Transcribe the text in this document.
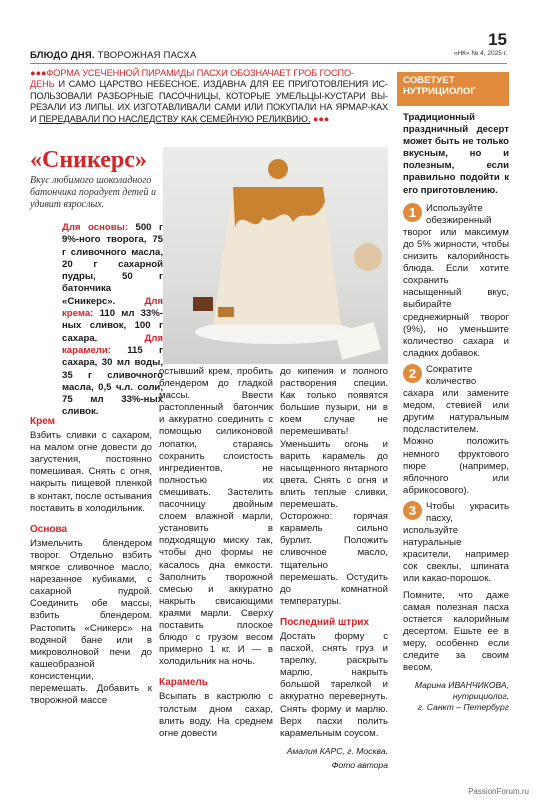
БЛЮДО ДНЯ. ТВОРОЖНАЯ ПАСХА
15
«НК» № 4, 2025 г.
●●●ФОРМА УСЕЧЕННОЙ ПИРАМИДЫ ПАСХИ ОБОЗНАЧАЕТ ГРОБ ГОСПО-
ДЕНЬ И САМО ЦАРСТВО НЕБЕСНОЕ. ИЗДАВНА ДЛЯ ЕЕ ПРИГОТОВЛЕНИЯ ИС-ПОЛЬЗОВАЛИ РАЗБОРНЫЕ ПАСОЧНИЦЫ, КОТОРЫЕ УМЕЛЬЦЫ-КУСТАРИ ВЫ-РЕЗАЛИ ИЗ ЛИПЫ. ИХ ИЗГОТАВЛИВАЛИ САМИ ИЛИ ПОКУПАЛИ НА ЯРМАР-КАХ И ПЕРЕДАВАЛИ ПО НАСЛЕДСТВУ КАК СЕМЕЙНУЮ РЕЛИКВИЮ. ●●●
«Сникерс»
Вкус любимого шоколадного батончика порадует детей и удивит взрослых.
Для основы: 500 г 9%-ного творога, 75 г сливочного масла, 20 г сахарной пудры, 50 г батончика «Сникерс».	Для крема: 110 мл 33%-ных сливок, 100 г сахара.	Для карамели: 115 г сахара, 30 мл воды, 35 г сливочного масла, 0,5 ч.л. соли, 75 мл 33%-ных сливок.
Крем

Взбить сливки с сахаром, на малом огне довести до загустения, постоянно помешивая. Снять с огня, накрыть пищевой пленкой в контакт, после остывания поставить в холодильник.

Основа

Измельчить блендером творог. Отдельно взбить мягкое сливочное масло, нарезанное кубиками, с сахарной пудрой. Соединить обе массы, взбить блендером. Растопить «Сникерс» на водяной бане или в микроволновой печи до кашеобразной консистенции, перемешать. Добавить к творожной массе

остывший крем, пробить блендером до гладкой массы. Ввести растопленный батончик и аккуратно соединить с помощью силиконовой лопатки, стараясь сохранить слоистость ингредиентов, не полностью их смешивать. Застелить пасочницу двойным слоем влажной марли, установить в подходящую миску так, чтобы дно формы не касалось дна емкости. Заполнить творожной смесью и аккуратно накрыть свисающими краями марли. Сверху поставить плоское блюдо с грузом весом примерно 1 кг. И — в холодильник на ночь.

Карамель

Всыпать в кастрюлю с толстым дном сахар, влить воду. На среднем огне довести

до кипения и полного растворения специи. Как только появятся большие пузыри, ни в коем случае не перемешивать! Уменьшить огонь и варить карамель до насыщенного янтарного цвета. Снять с огня и влить теплые сливки, перемешать. Осторожно: горячая карамель сильно бурлит. Положить сливочное масло, тщательно перемешать. Остудить до комнатной температуры.

Последний штрих

Достать форму с пасхой, снять груз и тарелку, раскрыть марлю, накрыть большой тарелкой и аккуратно перевернуть. Снять форму и марлю. Верх пасхи полить карамельным соусом.

Амалия КАРС, г. Москва.
Фото автора
СОВЕТУЕТ НУТРИЦИОЛОГ

Традиционный праздничный десерт может быть не только вкусным, но и полезным, если правильно подойти к его приготовлению.

1	Используйте обезжиренный творог или максимум до 5% жирности, чтобы снизить калорийность блюда. Если хотите сохранить насыщенный вкус, выбирайте среднежирный творог (9%), но уменьшите количество сахара и сладких добавок.
2	Сократите количество сахара или замените медом, стевией или другим натуральным подсластителем. Можно положить немного фруктового пюре (например, яблочного или абрикосового).
3	Чтобы украсить пасху, используйте натуральные красители, например сок свеклы, шпината или какао-порошок.

Помните, что даже самая полезная пасха остается калорийным десертом. Ешьте ее в меру, особенно если следите за своим весом.

Марина ИВАНЧИКОВА,
нутрициолог,
г. Санкт – Петербург
PassionForum.ru
